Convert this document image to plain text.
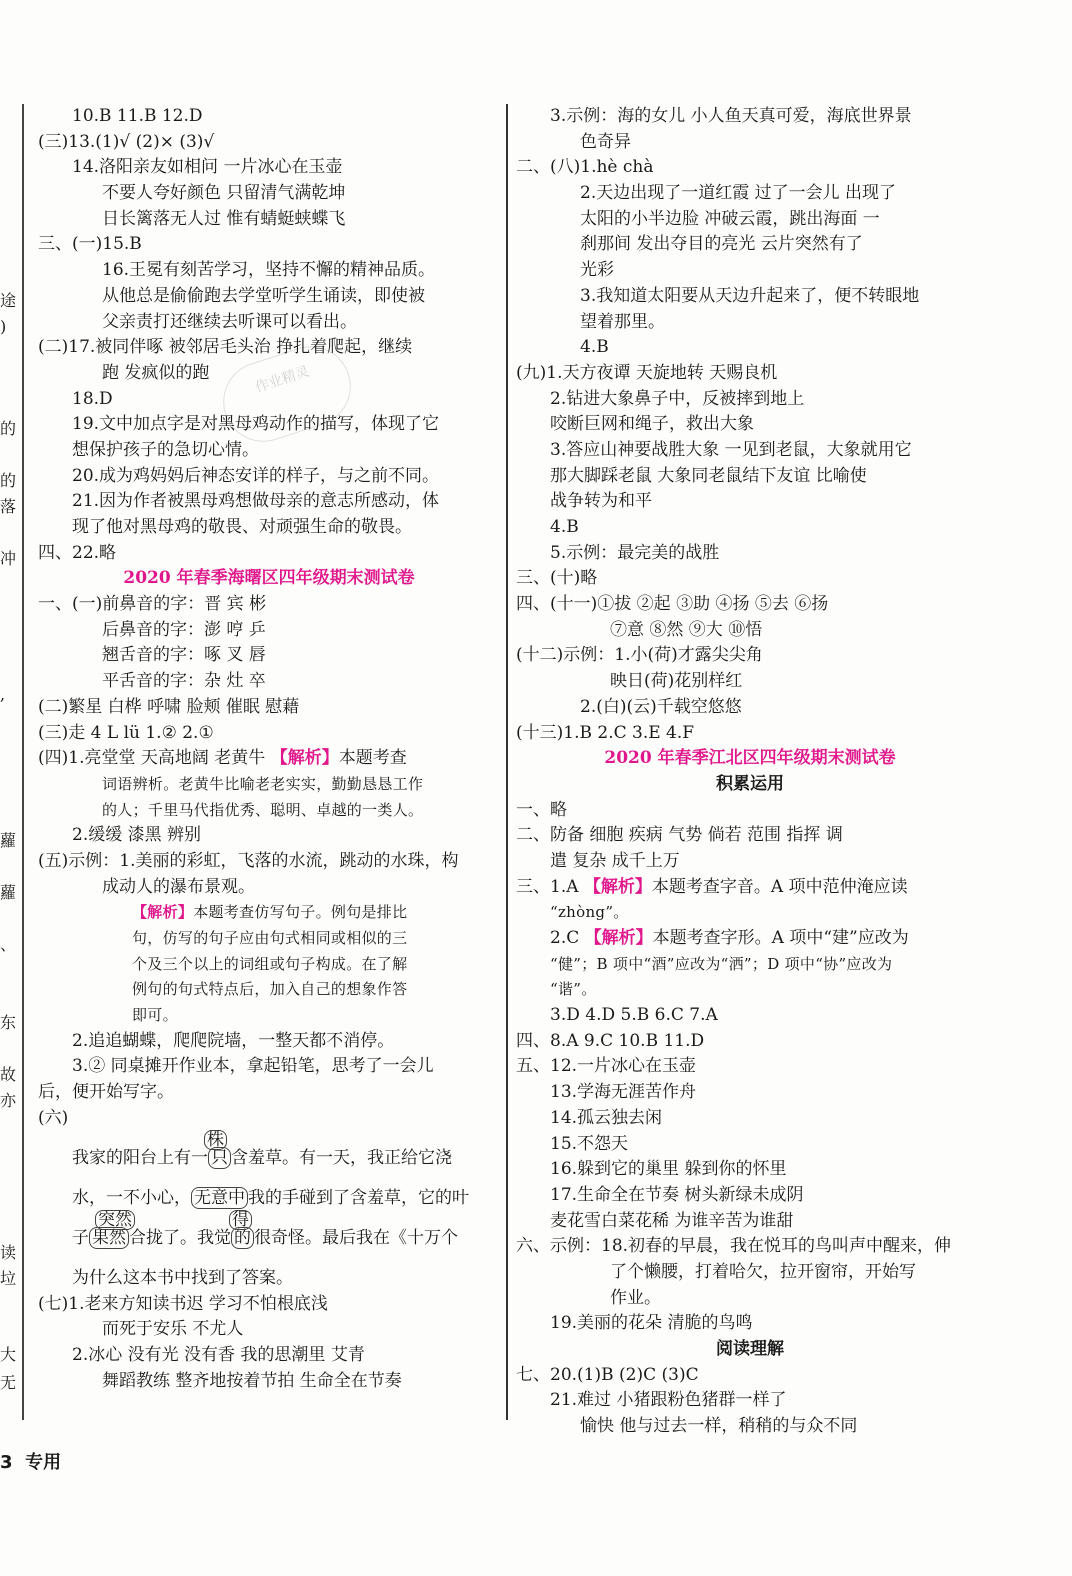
途
)
的
的
落
冲
,
蘿
蘿
、
东
故
亦
读
垃
大
无
作业精灵
10.B 11.B 12.D
(三)13.(1)√ (2)× (3)√
14.洛阳亲友如相问 一片冰心在玉壶
不要人夸好颜色 只留清气满乾坤
日长篱落无人过 惟有蜻蜓蛱蝶飞
三、(一)15.B
16.王冕有刻苦学习，坚持不懈的精神品质。
从他总是偷偷跑去学堂听学生诵读，即使被
父亲责打还继续去听课可以看出。
(二)17.被同伴啄 被邻居毛头治 挣扎着爬起，继续
跑 发疯似的跑
18.D
19.文中加点字是对黑母鸡动作的描写，体现了它
想保护孩子的急切心情。
20.成为鸡妈妈后神态安详的样子，与之前不同。
21.因为作者被黑母鸡想做母亲的意志所感动，体
现了他对黑母鸡的敬畏、对顽强生命的敬畏。
四、22.略
2020 年春季海曙区四年级期末测试卷
一、(一)前鼻音的字：晋 宾 彬
后鼻音的字：澎 哼 乒
翘舌音的字：啄 叉 唇
平舌音的字：杂 灶 卒
(二)繁星 白桦 呼啸 脸颊 催眠 慰藉
(三)走 4 L lü 1.② 2.①
(四)1.亮堂堂 天高地阔 老黄牛 【解析】本题考查
词语辨析。老黄牛比喻老老实实，勤勤恳恳工作
的人；千里马代指优秀、聪明、卓越的一类人。
2.缓缓 漆黑 辨别
(五)示例：1.美丽的彩虹，飞落的水流，跳动的水珠，构
成动人的瀑布景观。
【解析】本题考查仿写句子。例句是排比
句，仿写的句子应由句式相同或相似的三
个及三个以上的词组或句子构成。在了解
例句的句式特点后，加入自己的想象作答
即可。
2.追追蝴蝶，爬爬院墙，一整天都不消停。
3.② 同桌摊开作业本，拿起铅笔，思考了一会儿
后，便开始写字。
(六)
我家的阳台上有一
株
只 含羞草。有一天，我正给它浇
水，一不小心， 无意中 我的手碰到了含羞草，它的叶
子
突然
果然 合拢了。我觉
得
的 很奇怪。最后我在《十万个
为什么这本书中找到了答案。
(七)1.老来方知读书迟 学习不怕根底浅
而死于安乐 不尤人
2.冰心 没有光 没有香 我的思潮里 艾青
舞蹈教练 整齐地按着节拍 生命全在节奏
3.示例：海的女儿 小人鱼天真可爱，海底世界景
色奇异
二、(八)1.hè chà
2.天边出现了一道红霞 过了一会儿 出现了
太阳的小半边脸 冲破云霞，跳出海面 一
刹那间 发出夺目的亮光 云片突然有了
光彩
3.我知道太阳要从天边升起来了，便不转眼地
望着那里。
4.B
(九)1.天方夜谭 天旋地转 天赐良机
2.钻进大象鼻子中，反被摔到地上
咬断巨网和绳子，救出大象
3.答应山神要战胜大象 一见到老鼠，大象就用它
那大脚踩老鼠 大象同老鼠结下友谊 比喻使
战争转为和平
4.B
5.示例：最完美的战胜
三、(十)略
四、(十一)①拔 ②起 ③助 ④扬 ⑤去 ⑥扬
⑦意 ⑧然 ⑨大 ⑩悟
(十二)示例：1.小(荷)才露尖尖角
映日(荷)花别样红
2.(白)(云)千载空悠悠
(十三)1.B 2.C 3.E 4.F
2020 年春季江北区四年级期末测试卷
积累运用
一、略
二、防备 细胞 疾病 气势 倘若 范围 指挥 调
遣 复杂 成千上万
三、1.A 【解析】本题考查字音。A 项中范仲淹应读
“zhòng”。
2.C 【解析】本题考查字形。A 项中“建”应改为
“健”；B 项中“酒”应改为“洒”；D 项中“协”应改为
“谐”。
3.D 4.D 5.B 6.C 7.A
四、8.A 9.C 10.B 11.D
五、12.一片冰心在玉壶
13.学海无涯苦作舟
14.孤云独去闲
15.不怨天
16.躲到它的巢里 躲到你的怀里
17.生命全在节奏 树头新绿未成阴
麦花雪白菜花稀 为谁辛苦为谁甜
六、示例：18.初春的早晨，我在悦耳的鸟叫声中醒来，伸
了个懒腰，打着哈欠，拉开窗帘，开始写
作业。
19.美丽的花朵 清脆的鸟鸣
阅读理解
七、20.(1)B (2)C (3)C
21.难过 小猪跟粉色猪群一样了
愉快 他与过去一样，稍稍的与众不同
3 专用
